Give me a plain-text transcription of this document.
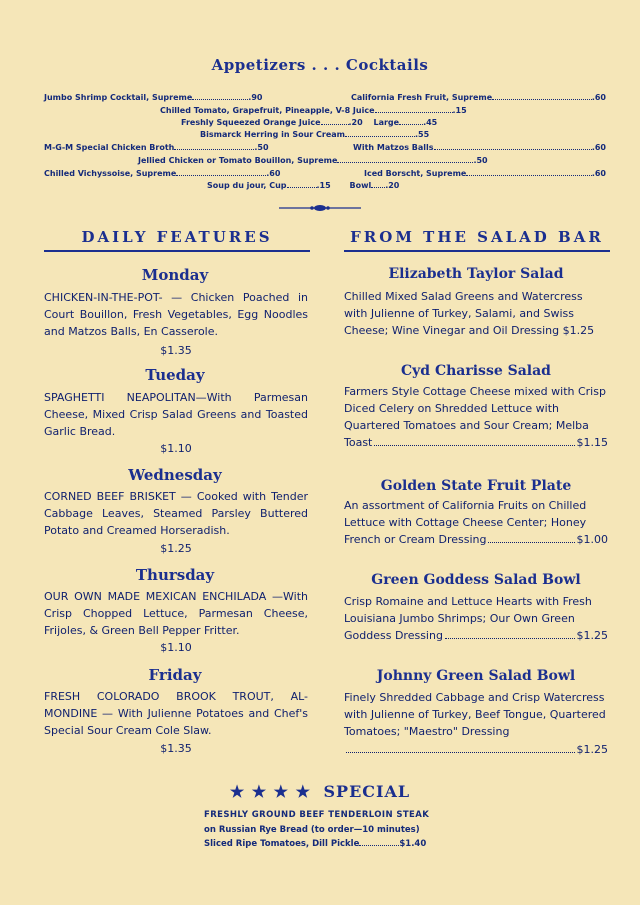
Appetizers . . . Cocktails
Jumbo Shrimp Cocktail, Supreme	.90	California Fresh Fruit, Supreme	.60
Chilled Tomato, Grapefruit, Pineapple, V-8 Juice	.15
Freshly Squeezed Orange Juice	.20 Large	.45
Bismarck Herring in Sour Cream	.55
M-G-M Special Chicken Broth	.50	With Matzos Balls	.60
Jellied Chicken or Tomato Bouillon, Supreme	.50
Chilled Vichyssoise, Supreme	.60	Iced Borscht, Supreme	.60
Soup du jour, Cup	.15 Bowl .20
DAILY FEATURES	FROM THE SALAD BAR
Monday
CHICKEN-IN-THE-POT- — Chicken Poached in Court Bouillon, Fresh Vegetables, Egg Noodles and Matzos Balls, En Casserole.
$1.35
Tueday
SPAGHETTI NEAPOLITAN—With Parmesan Cheese, Mixed Crisp Salad Greens and Toasted Garlic Bread.
$1.10
Wednesday
CORNED BEEF BRISKET — Cooked with Tender Cabbage Leaves, Steamed Parsley Buttered Potato and Creamed Horseradish.
$1.25
Thursday
OUR OWN MADE MEXICAN ENCHILADA —With Crisp Chopped Lettuce, Parmesan Cheese, Frijoles, & Green Bell Pepper Fritter.
$1.10
Friday
FRESH COLORADO BROOK TROUT, AL-MONDINE — With Julienne Potatoes and Chef's Special Sour Cream Cole Slaw.
$1.35
Elizabeth Taylor Salad
Chilled Mixed Salad Greens and Watercress with Julienne of Turkey, Salami, and Swiss Cheese; Wine Vinegar and Oil Dressing $1.25
Cyd Charisse Salad
Farmers Style Cottage Cheese mixed with Crisp Diced Celery on Shredded Lettuce with Quartered Tomatoes and Sour Cream; Melba
Toast	$1.15
Golden State Fruit Plate
An assortment of California Fruits on Chilled Lettuce with Cottage Cheese Center; Honey
French or Cream Dressing	$1.00
Green Goddess Salad Bowl
Crisp Romaine and Lettuce Hearts with Fresh Louisiana Jumbo Shrimps; Our Own Green
Goddess Dressing	$1.25
Johnny Green Salad Bowl
Finely Shredded Cabbage and Crisp Watercress with Julienne of Turkey, Beef Tongue, Quartered Tomatoes; "Maestro" Dressing
$1.25
★ ★ ★ ★ SPECIAL
FRESHLY GROUND BEEF TENDERLOIN STEAK
on Russian Rye Bread (to order—10 minutes)
Sliced Ripe Tomatoes, Dill Pickle	$1.40
